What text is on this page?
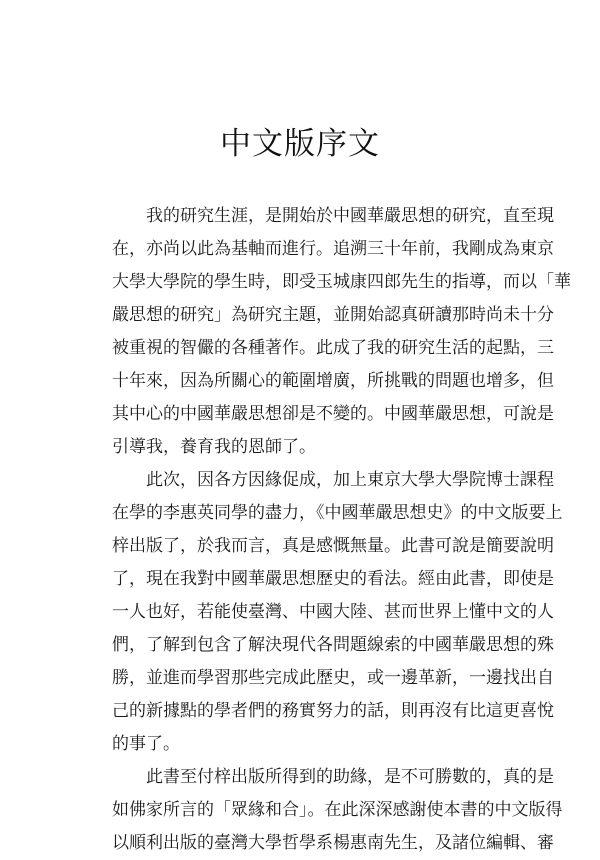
中文版序文
我的研究生涯，是開始於中國華嚴思想的研究，直至現
在，亦尚以此為基軸而進行。追溯三十年前，我剛成為東京
大學大學院的學生時，即受玉城康四郎先生的指導，而以「華
嚴思想的研究」為研究主題，並開始認真研讀那時尚未十分
被重視的智儼的各種著作。此成了我的研究生活的起點，三
十年來，因為所關心的範圍增廣，所挑戰的問題也增多，但
其中心的中國華嚴思想卻是不變的。中國華嚴思想，可說是
引導我，養育我的恩師了。
此次，因各方因緣促成，加上東京大學大學院博士課程
在學的李惠英同學的盡力，《中國華嚴思想史》的中文版要上
梓出版了，於我而言，真是感慨無量。此書可說是簡要說明
了，現在我對中國華嚴思想歷史的看法。經由此書，即使是
一人也好，若能使臺灣、中國大陸、甚而世界上懂中文的人
們，了解到包含了解決現代各問題線索的中國華嚴思想的殊
勝，並進而學習那些完成此歷史，或一邊革新，一邊找出自
己的新據點的學者們的務實努力的話，則再沒有比這更喜悅
的事了。
此書至付梓出版所得到的助緣，是不可勝數的，真的是
如佛家所言的「眾緣和合」。在此深深感謝使本書的中文版得
以順利出版的臺灣大學哲學系楊惠南先生，及諸位編輯、審
